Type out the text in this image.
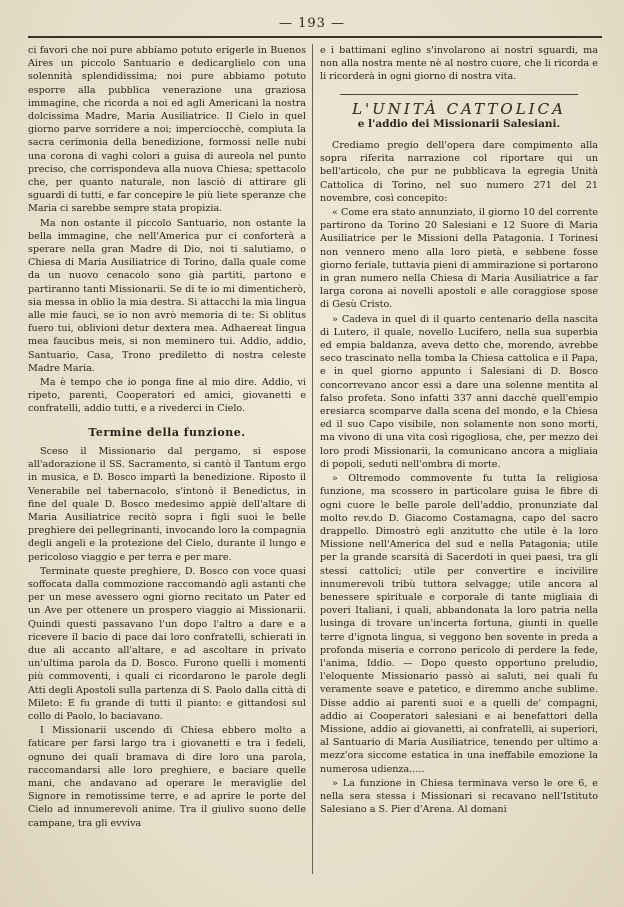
— 193 —

ci favori che noi pure abbiamo potuto erigerle in Buenos Aires un piccolo Santuario e dedicarglielo con una solennità splendidissima; noi pure abbiamo potuto esporre alla pubblica venerazione una graziosa immagine, che ricorda a noi ed agli Americani la nostra dolcissima Madre, Maria Ausiliatrice. Il Cielo in quel giorno parve sorridere a noi; imperciocchè, compiuta la sacra cerimonia della benedizione, formossi nelle nubi una corona di vaghi colori a guisa di aureola nel punto preciso, che corrispondeva alla nuova Chiesa; spettacolo che, per quanto naturale, non lasciò di attirare gli sguardi di tutti, e far concepire le più liete speranze che Maria ci sarebbe sempre stata propizia.

Ma non ostante il piccolo Santuario, non ostante la bella immagine, che nell'America pur ci conforterà a sperare nella gran Madre di Dio, noi ti salutiamo, o Chiesa di Maria Ausiliatrice di Torino, dalla quale come da un nuovo cenacolo sono già partiti, partono e partiranno tanti Missionarii. Se di te io mi dimenticherò, sia messa in oblio la mia destra. Si attacchi la mia lingua alle mie fauci, se io non avrò memoria di te: Si oblitus fuero tui, oblivioni detur dextera mea. Adhaereat lingua mea faucibus meis, si non meminero tui. Addio, addio, Santuario, Casa, Trono prediletto di nostra celeste Madre Maria.

Ma è tempo che io ponga fine al mio dire. Addio, vi ripeto, parenti, Cooperatori ed amici, giovanetti e confratelli, addio tutti, e a rivederci in Cielo.

Termine della funzione.

Sceso il Missionario dal pergamo, si espose all'adorazione il SS. Sacramento, si cantò il Tantum ergo in musica, e D. Bosco impartì la benedizione. Riposto il Venerabile nel tabernacolo, s'intonò il Benedictus, in fine del quale D. Bosco medesimo appiè dell'altare di Maria Ausiliatrice recitò sopra i figli suoi le belle preghiere dei pellegrinanti, invocando loro la compagnia degli angeli e la protezione del Cielo, durante il lungo e pericoloso viaggio e per terra e per mare.

Terminate queste preghiere, D. Bosco con voce quasi soffocata dalla commozione raccomandò agli astanti che per un mese avessero ogni giorno recitato un Pater ed un Ave per ottenere un prospero viaggio ai Missionarii. Quindi questi passavano l'un dopo l'altro a dare e a ricevere il bacio di pace dai loro confratelli, schierati in due ali accanto all'altare, e ad ascoltare in privato un'ultima parola da D. Bosco. Furono quelli i momenti più commoventi, i quali ci ricordarono le parole degli Atti degli Apostoli sulla partenza di S. Paolo dalla città di Mileto: E fu grande di tutti il pianto: e gittandosi sul collo di Paolo, lo baciavano.

I Missionarii uscendo di Chiesa ebbero molto a faticare per farsi largo tra i giovanetti e tra i fedeli, ognuno dei quali bramava di dire loro una parola, raccomandarsi alle loro preghiere, e baciare quelle mani, che andavano ad operare le meraviglie del Signore in remotissime terre, e ad aprire le porte del Cielo ad innumerevoli anime. Tra il giulivo suono delle campane, tra gli evviva

e i battimani eglino s'involarono ai nostri sguardi, ma non alla nostra mente nè al nostro cuore, che li ricorda e li ricorderà in ogni giorno di nostra vita.

L'UNITÀ CATTOLICA
e l'addio dei Missionarii Salesiani.

Crediamo pregio dell'opera dare compimento alla sopra riferita narrazione col riportare qui un bell'articolo, che pur ne pubblicava la egregia Unità Cattolica di Torino, nel suo numero 271 del 21 novembre, così concepito:

« Come era stato annunziato, il giorno 10 del corrente partirono da Torino 20 Salesiani e 12 Suore di Maria Ausiliatrice per le Missioni della Patagonia. I Torinesi non vennero meno alla loro pietà, e sebbene fosse giorno feriale, tuttavia pieni di ammirazione si portarono in gran numero nella Chiesa di Maria Ausiliatrice a far larga corona ai novelli apostoli e alle coraggiose spose di Gesù Cristo.

» Cadeva in quel dì il quarto centenario della nascita di Lutero, il quale, novello Lucifero, nella sua superbia ed empia baldanza, aveva detto che, morendo, avrebbe seco trascinato nella tomba la Chiesa cattolica e il Papa, e in quel giorno appunto i Salesiani di D. Bosco concorrevano ancor essi a dare una solenne mentita al falso profeta. Sono infatti 337 anni dacchè quell'empio eresiarca scomparve dalla scena del mondo, e la Chiesa ed il suo Capo visibile, non solamente non sono morti, ma vivono di una vita così rigogliosa, che, per mezzo dei loro prodi Missionarii, la comunicano ancora a migliaia di popoli, seduti nell'ombra di morte.

» Oltremodo commovente fu tutta la religiosa funzione, ma scossero in particolare guisa le fibre di ogni cuore le belle parole dell'addio, pronunziate dal molto rev.do D. Giacomo Costamagna, capo del sacro drappello. Dimostrò egli anzitutto che utile è la loro Missione nell'America del sud e nella Patagonia; utile per la grande scarsità di Sacerdoti in quei paesi, tra gli stessi cattolici; utile per convertire e incivilire innumerevoli tribù tuttora selvagge; utile ancora al benessere spirituale e corporale di tante migliaia di poveri Italiani, i quali, abbandonata la loro patria nella lusinga di trovare un'incerta fortuna, giunti in quelle terre d'ignota lingua, si veggono ben sovente in preda a profonda miseria e corrono pericolo di perdere la fede, l'anima, Iddio. — Dopo questo opportuno preludio, l'eloquente Missionario passò ai saluti, nei quali fu veramente soave e patetico, e diremmo anche sublime. Disse addio ai parenti suoi e a quelli de' compagni, addio ai Cooperatori salesiani e ai benefattori della Missione, addio ai giovanetti, ai confratelli, ai superiori, al Santuario di Maria Ausiliatrice, tenendo per ultimo a mezz'ora siccome estatica in una ineffabile emozione la numerosa udienza.....

» La funzione in Chiesa terminava verso le ore 6, e nella sera stessa i Missionari si recavano nell'Istituto Salesiano a S. Pier d'Arena. Al domani
